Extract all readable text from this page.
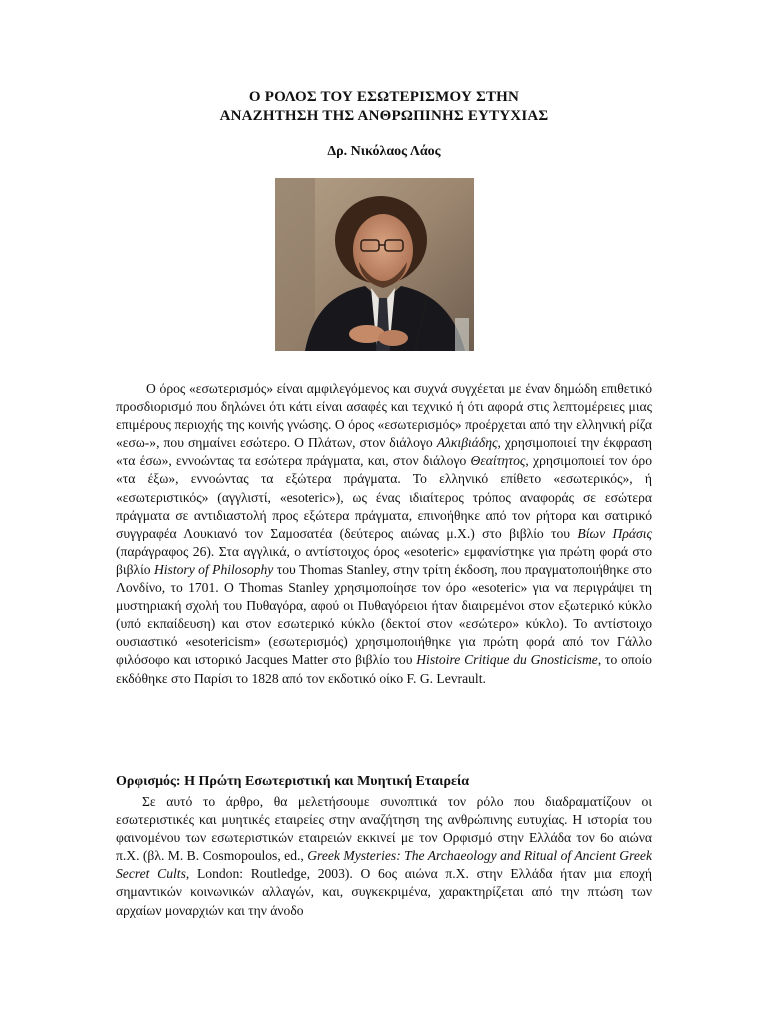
Ο ΡΟΛΟΣ ΤΟΥ ΕΣΩΤΕΡΙΣΜΟΥ ΣΤΗΝ
ΑΝΑΖΗΤΗΣΗ ΤΗΣ ΑΝΘΡΩΠΙΝΗΣ ΕΥΤΥΧΙΑΣ
Δρ. Νικόλαος Λάος
Ο όρος «εσωτερισμός» είναι αμφιλεγόμενος και συχνά συγχέεται με έναν δημώδη επιθετικό προσδιορισμό που δηλώνει ότι κάτι είναι ασαφές και τεχνικό ή ότι αφορά στις λεπτομέρειες μιας επιμέρους περιοχής της κοινής γνώσης. Ο όρος «εσωτερισμός» προέρχεται από την ελληνική ρίζα «εσω-», που σημαίνει εσώτερο. Ο Πλάτων, στον διάλογο Αλκιβιάδης, χρησιμοποιεί την έκφραση «τα έσω», εννοώντας τα εσώτερα πράγματα, και, στον διάλογο Θεαίτητος, χρησιμοποιεί τον όρο «τα έξω», εννοώντας τα εξώτερα πράγματα. Το ελληνικό επίθετο «εσωτερικός», ή «εσωτεριστικός» (αγγλιστί, «esoteric»), ως ένας ιδιαίτερος τρόπος αναφοράς σε εσώτερα πράγματα σε αντιδιαστολή προς εξώτερα πράγματα, επινοήθηκε από τον ρήτορα και σατιρικό συγγραφέα Λουκιανό τον Σαμοσατέα (δεύτερος αιώνας μ.Χ.) στο βιβλίο του Βίων Πράσις (παράγραφος 26). Στα αγγλικά, ο αντίστοιχος όρος «esoteric» εμφανίστηκε για πρώτη φορά στο βιβλίο History of Philosophy του Thomas Stanley, στην τρίτη έκδοση, που πραγματοποιήθηκε στο Λονδίνο, το 1701. Ο Thomas Stanley χρησιμοποίησε τον όρο «esoteric» για να περιγράψει τη μυστηριακή σχολή του Πυθαγόρα, αφού οι Πυθαγόρειοι ήταν διαιρεμένοι στον εξωτερικό κύκλο (υπό εκπαίδευση) και στον εσωτερικό κύκλο (δεκτοί στον «εσώτερο» κύκλο). Το αντίστοιχο ουσιαστικό «esotericism» (εσωτερισμός) χρησιμοποιήθηκε για πρώτη φορά από τον Γάλλο φιλόσοφο και ιστορικό Jacques Matter στο βιβλίο του Histoire Critique du Gnosticisme, το οποίο εκδόθηκε στο Παρίσι το 1828 από τον εκδοτικό οίκο F. G. Levrault.
Ορφισμός: Η Πρώτη Εσωτεριστική και Μυητική Εταιρεία
Σε αυτό το άρθρο, θα μελετήσουμε συνοπτικά τον ρόλο που διαδραματίζουν οι εσωτεριστικές και μυητικές εταιρείες στην αναζήτηση της ανθρώπινης ευτυχίας. Η ιστορία του φαινομένου των εσωτεριστικών εταιρειών εκκινεί με τον Ορφισμό στην Ελλάδα τον 6ο αιώνα π.Χ. (βλ. M. B. Cosmopoulos, ed., Greek Mysteries: The Archaeology and Ritual of Ancient Greek Secret Cults, London: Routledge, 2003). Ο 6ος αιώνα π.Χ. στην Ελλάδα ήταν μια εποχή σημαντικών κοινωνικών αλλαγών, και, συγκεκριμένα, χαρακτηρίζεται από την πτώση των αρχαίων μοναρχιών και την άνοδο
